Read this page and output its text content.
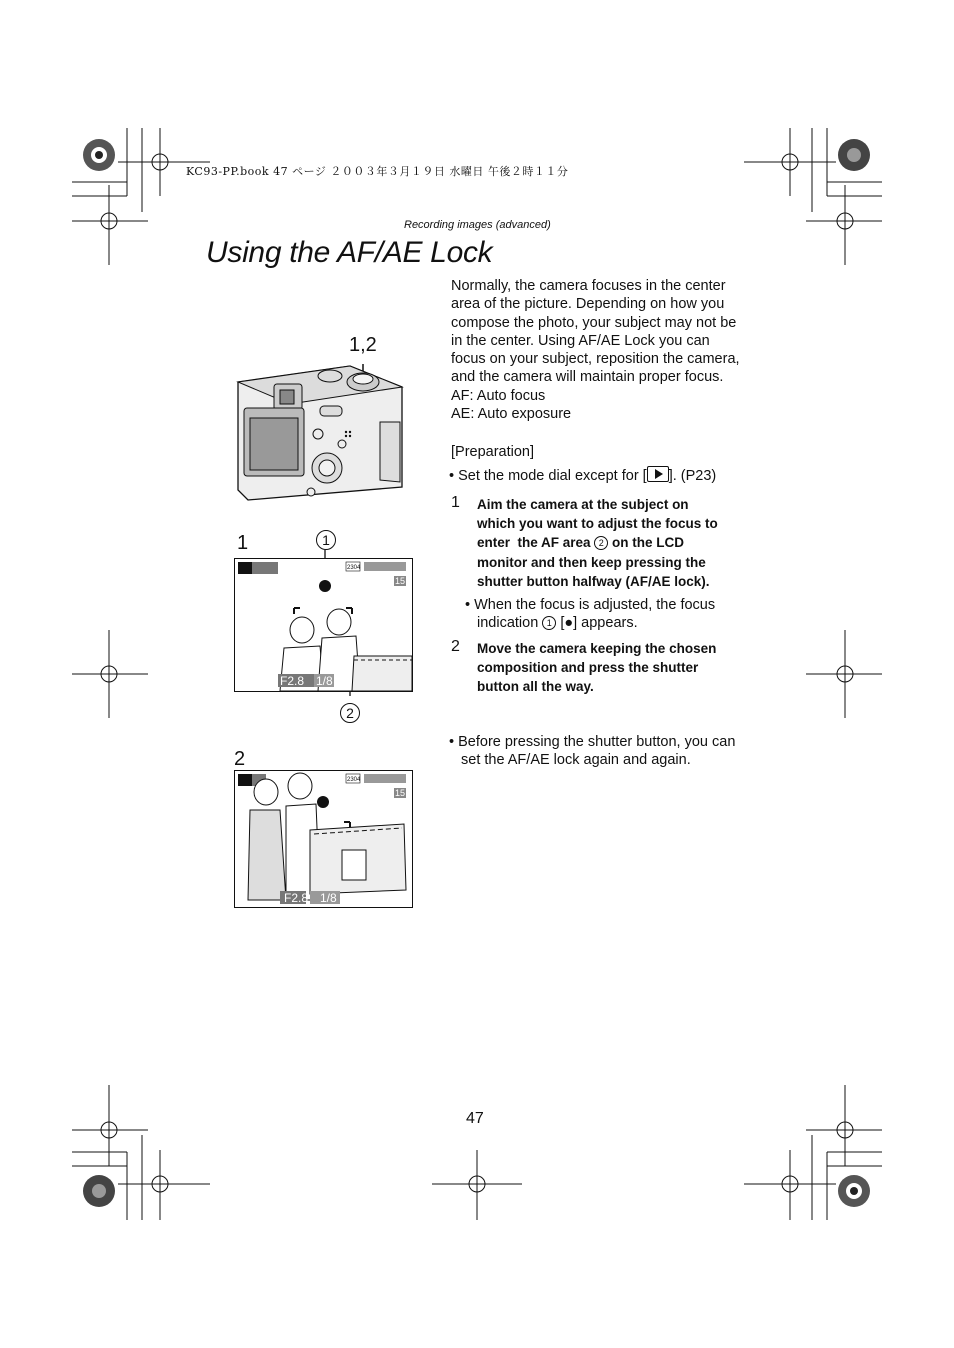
KC93-PP.book 47 ページ ２００３年３月１９日 水曜日 午後２時１１分
Recording images (advanced)
Using the AF/AE Lock
Normally, the camera focuses in the center
area of the picture. Depending on how you
compose the photo, your subject may not be
in the center. Using AF/AE Lock you can
focus on your subject, reposition the camera,
and the camera will maintain proper focus.
AF: Auto focus
AE: Auto exposure
[Preparation]
• Set the mode dial except for [ ]. (P23)
1 Aim the camera at the subject on
which you want to adjust the focus to
enter  the AF area 2 on the LCD
monitor and then keep pressing the
shutter button halfway (AF/AE lock).
• When the focus is adjusted, the focus
indication 1 [●] appears.
2 Move the camera keeping the chosen
composition and press the shutter
button all the way.
• Before pressing the shutter button, you can
set the AF/AE lock again and again.
1,2
1	1
2
F2.8 1/8
15
2304
2
F2.8 1/8
15
2304
47
